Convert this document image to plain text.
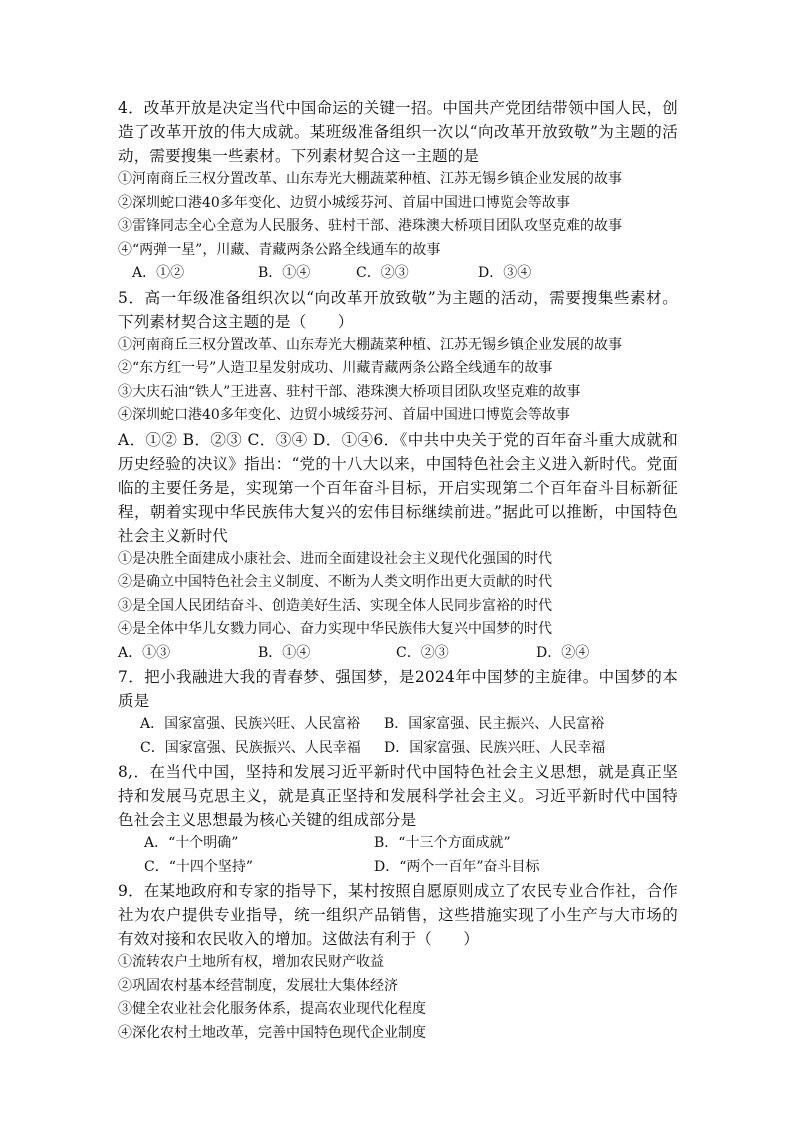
4．改革开放是决定当代中国命运的关键一招。中国共产党团结带领中国人民，创造了改革开放的伟大成就。某班级准备组织一次以“向改革开放致敬”为主题的活动，需要搜集一些素材。下列素材契合这一主题的是

①河南商丘三权分置改革、山东寿光大棚蔬菜种植、江苏无锡乡镇企业发展的故事

②深圳蛇口港40多年变化、边贸小城绥芬河、首届中国进口博览会等故事

③雷锋同志全心全意为人民服务、驻村干部、港珠澳大桥项目团队攻坚克难的故事

④“两弹一星”，川藏、青藏两条公路全线通车的故事

A．①②	B．①④	C．②③	D．③④

5．高一年级准备组织次以“向改革开放致敬”为主题的活动，需要搜集些素材。下列素材契合这主题的是（　　）

①河南商丘三权分置改革、山东寿光大棚蔬菜种植、江苏无锡乡镇企业发展的故事

②“东方红一号”人造卫星发射成功、川藏青藏两条公路全线通车的故事

③大庆石油“铁人”王进喜、驻村干部、港珠澳大桥项目团队攻坚克难的故事

④深圳蛇口港40多年变化、边贸小城绥芬河、首届中国进口博览会等故事

A．①② B．②③ C．③④ D．①④6．《中共中央关于党的百年奋斗重大成就和历史经验的决议》指出：“党的十八大以来，中国特色社会主义进入新时代。党面临的主要任务是，实现第一个百年奋斗目标，开启实现第二个百年奋斗目标新征程，朝着实现中华民族伟大复兴的宏伟目标继续前进。”据此可以推断，中国特色社会主义新时代

①是决胜全面建成小康社会、进而全面建设社会主义现代化强国的时代

②是确立中国特色社会主义制度、不断为人类文明作出更大贡献的时代

③是全国人民团结奋斗、创造美好生活、实现全体人民同步富裕的时代

④是全体中华儿女戮力同心、奋力实现中华民族伟大复兴中国梦的时代

A．①③	B．①④	C．②③	D．②④

7．把小我融进大我的青春梦、强国梦，是2024年中国梦的主旋律。中国梦的本质是

A．国家富强、民族兴旺、人民富裕 B．国家富强、民主振兴、人民富裕
C．国家富强、民族振兴、人民幸福 D．国家富强、民族兴旺、人民幸福

8,．在当代中国，坚持和发展习近平新时代中国特色社会主义思想，就是真正坚持和发展马克思主义，就是真正坚持和发展科学社会主义。习近平新时代中国特色社会主义思想最为核心关键的组成部分是

A．“十个明确”	B．“十三个方面成就”
C．“十四个坚持”	D．“两个一百年”奋斗目标

9．在某地政府和专家的指导下，某村按照自愿原则成立了农民专业合作社，合作社为农户提供专业指导，统一组织产品销售，这些措施实现了小生产与大市场的有效对接和农民收入的增加。这做法有利于（　　）

①流转农户土地所有权，增加农民财产收益

②巩固农村基本经营制度，发展壮大集体经济

③健全农业社会化服务体系，提高农业现代化程度

④深化农村土地改革，完善中国特色现代企业制度
